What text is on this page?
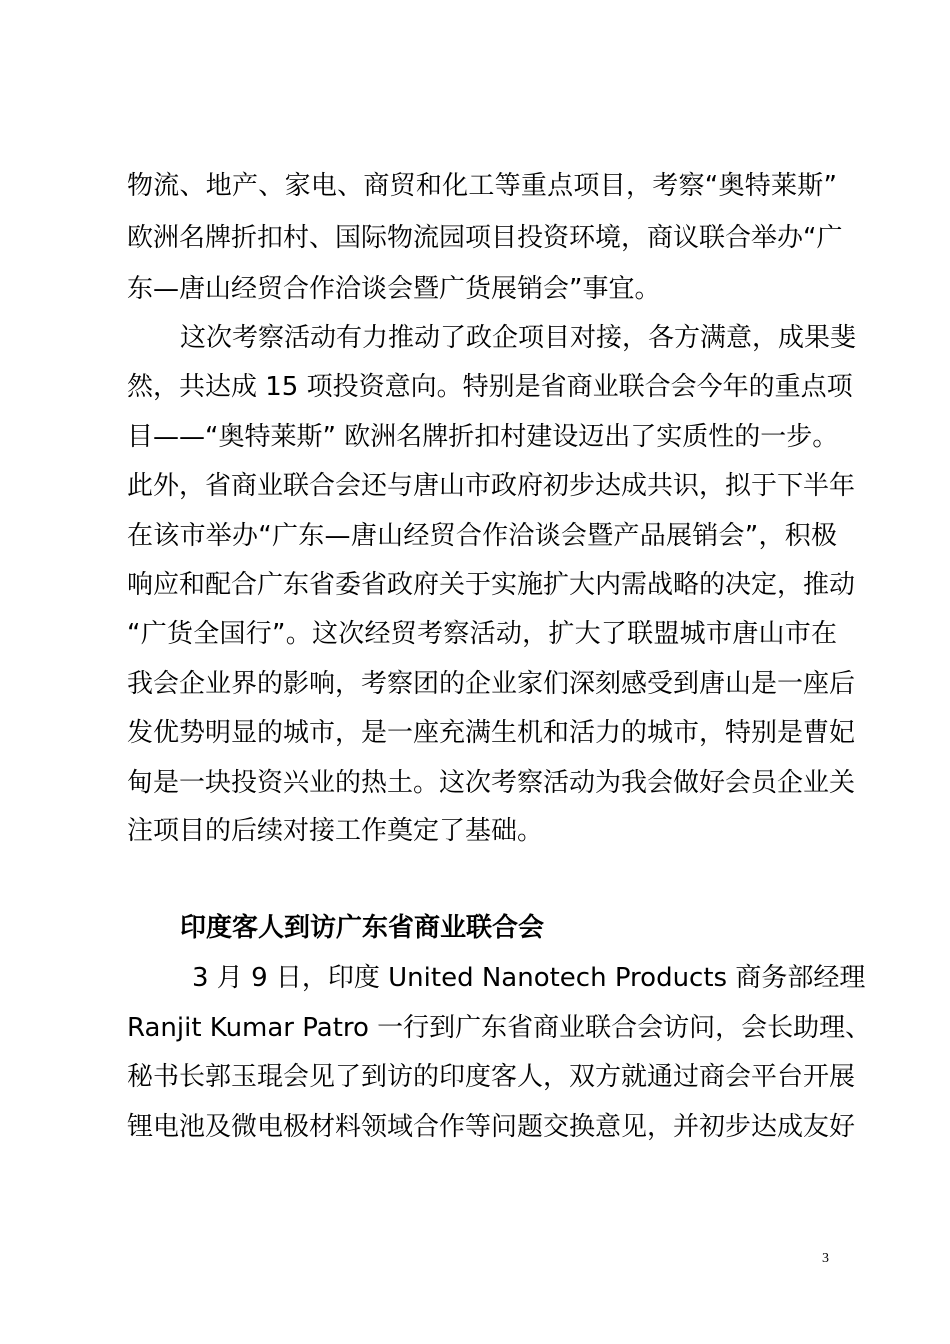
物流、地产、家电、商贸和化工等重点项目，考察“奥特莱斯”
欧洲名牌折扣村、国际物流园项目投资环境，商议联合举办“广
东—唐山经贸合作洽谈会暨广货展销会”事宜。
这次考察活动有力推动了政企项目对接，各方满意，成果斐
然，共达成 15 项投资意向。特别是省商业联合会今年的重点项
目——“奥特莱斯” 欧洲名牌折扣村建设迈出了实质性的一步。
此外，省商业联合会还与唐山市政府初步达成共识，拟于下半年
在该市举办“广东—唐山经贸合作洽谈会暨产品展销会”，积极
响应和配合广东省委省政府关于实施扩大内需战略的决定，推动
“广货全国行”。这次经贸考察活动，扩大了联盟城市唐山市在
我会企业界的影响，考察团的企业家们深刻感受到唐山是一座后
发优势明显的城市，是一座充满生机和活力的城市，特别是曹妃
甸是一块投资兴业的热土。这次考察活动为我会做好会员企业关
注项目的后续对接工作奠定了基础。
印度客人到访广东省商业联合会
3 月 9 日，印度 United Nanotech Products 商务部经理
Ranjit Kumar Patro 一行到广东省商业联合会访问，会长助理、
秘书长郭玉琨会见了到访的印度客人，双方就通过商会平台开展
锂电池及微电极材料领域合作等问题交换意见，并初步达成友好
3
